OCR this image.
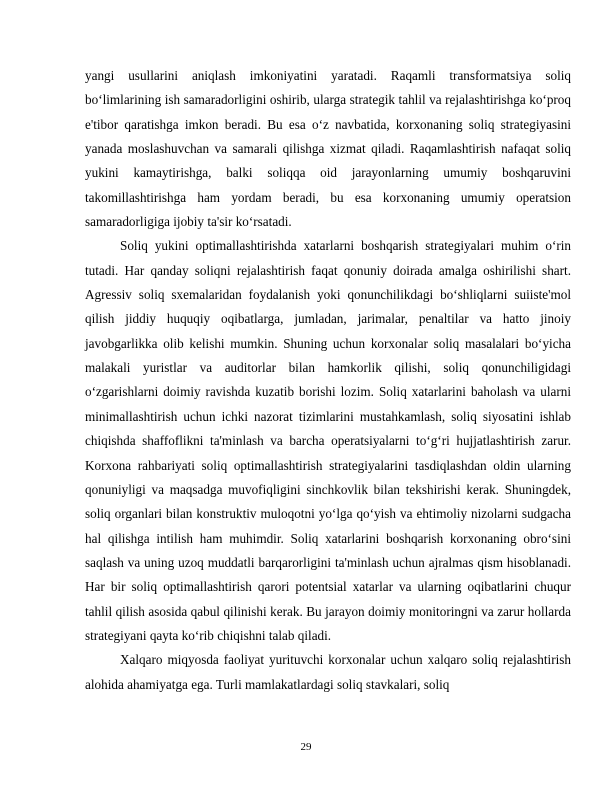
yangi usullarini aniqlash imkoniyatini yaratadi. Raqamli transformatsiya soliq bo‘limlarining ish samaradorligini oshirib, ularga strategik tahlil va rejalashtirishga ko‘proq e'tibor qaratishga imkon beradi. Bu esa o‘z navbatida, korxonaning soliq strategiyasini yanada moslashuvchan va samarali qilishga xizmat qiladi. Raqamlashtirish nafaqat soliq yukini kamaytirishga, balki soliqqa oid jarayonlarning umumiy boshqaruvini takomillashtirishga ham yordam beradi, bu esa korxonaning umumiy operatsion samaradorligiga ijobiy ta'sir ko‘rsatadi.

Soliq yukini optimallashtirishda xatarlarni boshqarish strategiyalari muhim o‘rin tutadi. Har qanday soliqni rejalashtirish faqat qonuniy doirada amalga oshirilishi shart. Agressiv soliq sxemalaridan foydalanish yoki qonunchilikdagi bo‘shliqlarni suiiste'mol qilish jiddiy huquqiy oqibatlarga, jumladan, jarimalar, penaltilar va hatto jinoiy javobgarlikka olib kelishi mumkin. Shuning uchun korxonalar soliq masalalari bo‘yicha malakali yuristlar va auditorlar bilan hamkorlik qilishi, soliq qonunchiligidagi o‘zgarishlarni doimiy ravishda kuzatib borishi lozim. Soliq xatarlarini baholash va ularni minimallashtirish uchun ichki nazorat tizimlarini mustahkamlash, soliq siyosatini ishlab chiqishda shaffoflikni ta'minlash va barcha operatsiyalarni to‘g‘ri hujjatlashtirish zarur. Korxona rahbariyati soliq optimallashtirish strategiyalarini tasdiqlashdan oldin ularning qonuniyligi va maqsadga muvofiqligini sinchkovlik bilan tekshirishi kerak. Shuningdek, soliq organlari bilan konstruktiv muloqotni yo‘lga qo‘yish va ehtimoliy nizolarni sudgacha hal qilishga intilish ham muhimdir. Soliq xatarlarini boshqarish korxonaning obro‘sini saqlash va uning uzoq muddatli barqarorligini ta'minlash uchun ajralmas qism hisoblanadi. Har bir soliq optimallashtirish qarori potentsial xatarlar va ularning oqibatlarini chuqur tahlil qilish asosida qabul qilinishi kerak. Bu jarayon doimiy monitoringni va zarur hollarda strategiyani qayta ko‘rib chiqishni talab qiladi.

Xalqaro miqyosda faoliyat yurituvchi korxonalar uchun xalqaro soliq rejalashtirish alohida ahamiyatga ega. Turli mamlakatlardagi soliq stavkalari, soliq

29
